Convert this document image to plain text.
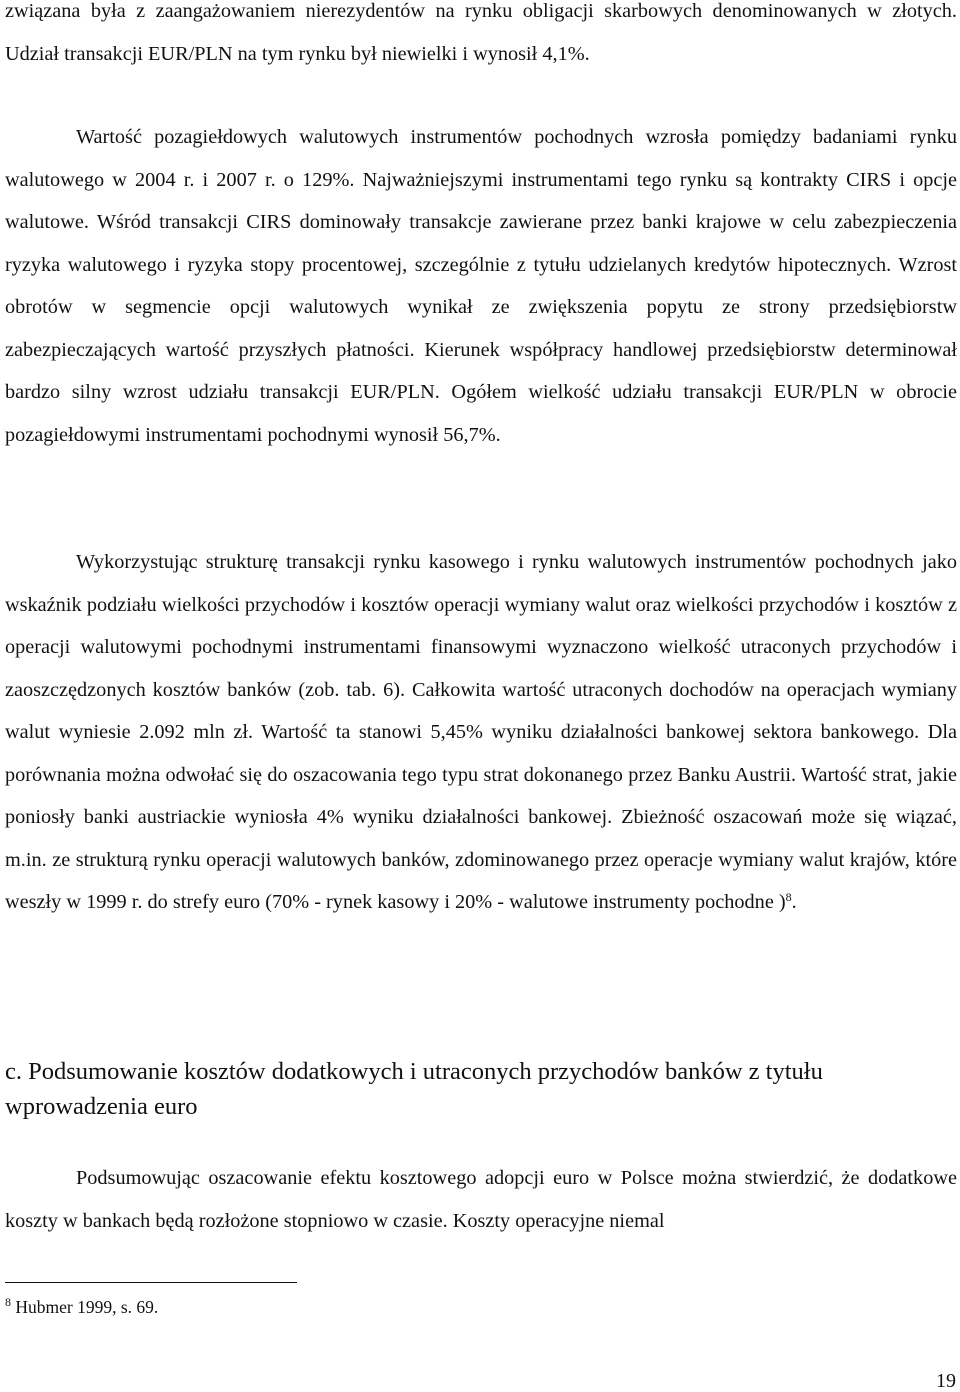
związana była z zaangażowaniem nierezydentów na rynku obligacji skarbowych denominowanych w złotych. Udział transakcji EUR/PLN na tym rynku był niewielki i wynosił 4,1%.

Wartość pozagiełdowych walutowych instrumentów pochodnych wzrosła pomiędzy badaniami rynku walutowego w 2004 r. i 2007 r. o 129%. Najważniejszymi instrumentami tego rynku są kontrakty CIRS i opcje walutowe. Wśród transakcji CIRS dominowały transakcje zawierane przez banki krajowe w celu zabezpieczenia ryzyka walutowego i ryzyka stopy procentowej, szczególnie z tytułu udzielanych kredytów hipotecznych. Wzrost obrotów w segmencie opcji walutowych wynikał ze zwiększenia popytu ze strony przedsiębiorstw zabezpieczających wartość przyszłych płatności. Kierunek współpracy handlowej przedsiębiorstw determinował bardzo silny wzrost udziału transakcji EUR/PLN. Ogółem wielkość udziału transakcji EUR/PLN w obrocie pozagiełdowymi instrumentami pochodnymi wynosił 56,7%.

Wykorzystując strukturę transakcji rynku kasowego i rynku walutowych instrumentów pochodnych jako wskaźnik podziału wielkości przychodów i kosztów operacji wymiany walut oraz wielkości przychodów i kosztów z operacji walutowymi pochodnymi instrumentami finansowymi wyznaczono wielkość utraconych przychodów i zaoszczędzonych kosztów banków (zob. tab. 6). Całkowita wartość utraconych dochodów na operacjach wymiany walut wyniesie 2.092 mln zł. Wartość ta stanowi 5,45% wyniku działalności bankowej sektora bankowego. Dla porównania można odwołać się do oszacowania tego typu strat dokonanego przez Banku Austrii. Wartość strat, jakie poniosły banki austriackie wyniosła 4% wyniku działalności bankowej. Zbieżność oszacowań może się wiązać, m.in. ze strukturą rynku operacji walutowych banków, zdominowanego przez operacje wymiany walut krajów, które weszły w 1999 r. do strefy euro (70% - rynek kasowy i 20% - walutowe instrumenty pochodne )$^8$.

c. Podsumowanie kosztów dodatkowych i utraconych przychodów banków z tytułu wprowadzenia euro

Podsumowując oszacowanie efektu kosztowego adopcji euro w Polsce można stwierdzić, że dodatkowe koszty w bankach będą rozłożone stopniowo w czasie. Koszty operacyjne niemal

$^8$ Hubmer 1999, s. 69.

19
